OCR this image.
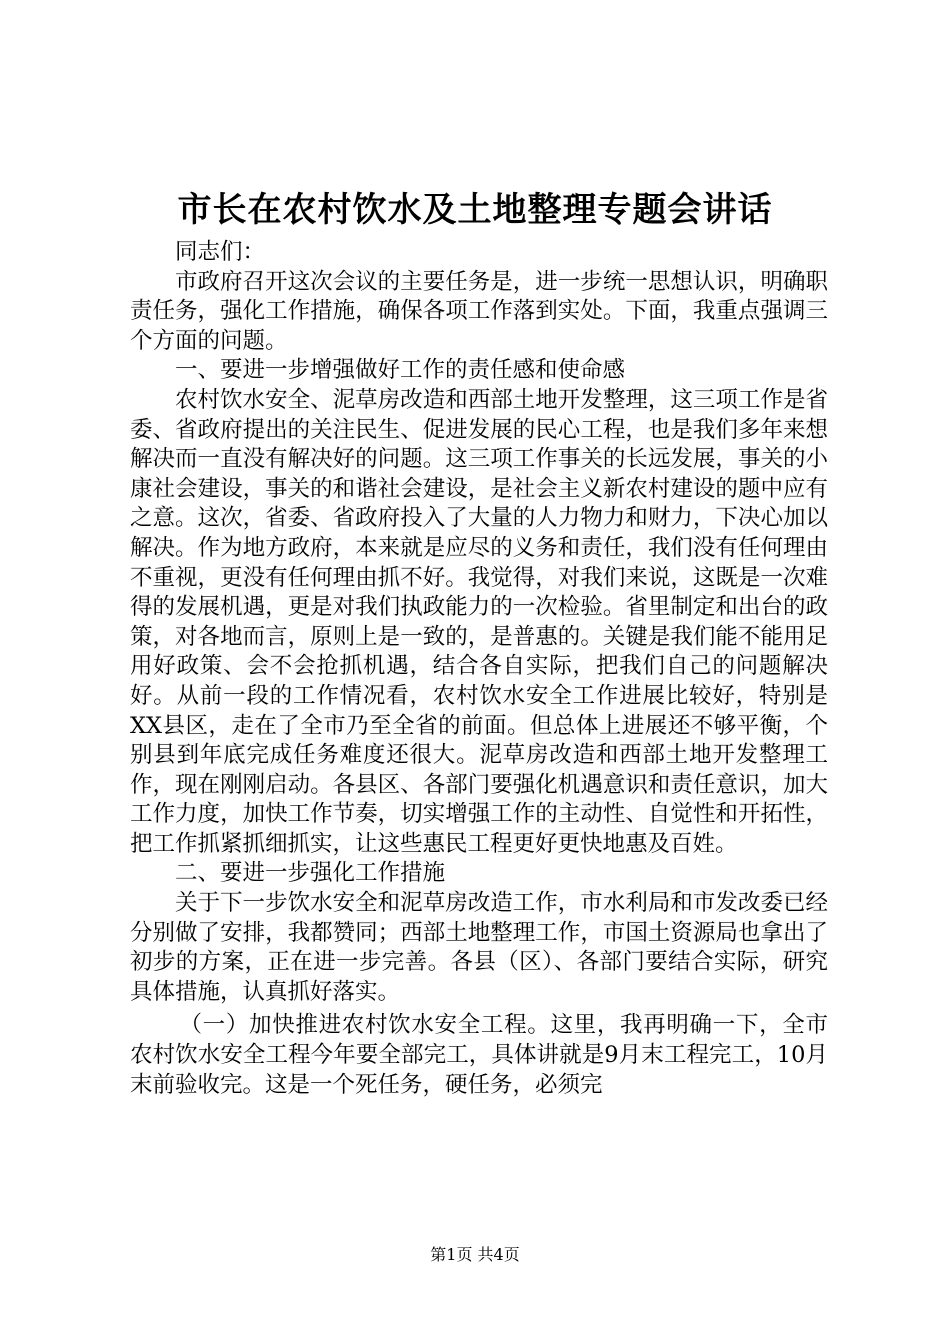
市长在农村饮水及土地整理专题会讲话

同志们：

市政府召开这次会议的主要任务是，进一步统一思想认识，明确职责任务，强化工作措施，确保各项工作落到实处。下面，我重点强调三个方面的问题。

一、要进一步增强做好工作的责任感和使命感

农村饮水安全、泥草房改造和西部土地开发整理，这三项工作是省委、省政府提出的关注民生、促进发展的民心工程，也是我们多年来想解决而一直没有解决好的问题。这三项工作事关的长远发展，事关的小康社会建设，事关的和谐社会建设，是社会主义新农村建设的题中应有之意。这次，省委、省政府投入了大量的人力物力和财力，下决心加以解决。作为地方政府，本来就是应尽的义务和责任，我们没有任何理由不重视，更没有任何理由抓不好。我觉得，对我们来说，这既是一次难得的发展机遇，更是对我们执政能力的一次检验。省里制定和出台的政策，对各地而言，原则上是一致的，是普惠的。关键是我们能不能用足用好政策、会不会抢抓机遇，结合各自实际，把我们自己的问题解决好。从前一段的工作情况看，农村饮水安全工作进展比较好，特别是XX县区，走在了全市乃至全省的前面。但总体上进展还不够平衡，个别县到年底完成任务难度还很大。泥草房改造和西部土地开发整理工作，现在刚刚启动。各县区、各部门要强化机遇意识和责任意识，加大工作力度，加快工作节奏，切实增强工作的主动性、自觉性和开拓性，把工作抓紧抓细抓实，让这些惠民工程更好更快地惠及百姓。

二、要进一步强化工作措施

关于下一步饮水安全和泥草房改造工作，市水利局和市发改委已经分别做了安排，我都赞同；西部土地整理工作，市国土资源局也拿出了初步的方案，正在进一步完善。各县（区）、各部门要结合实际，研究具体措施，认真抓好落实。

（一）加快推进农村饮水安全工程。这里，我再明确一下，全市农村饮水安全工程今年要全部完工，具体讲就是9月末工程完工，10月末前验收完。这是一个死任务，硬任务，必须完

第1页 共4页
